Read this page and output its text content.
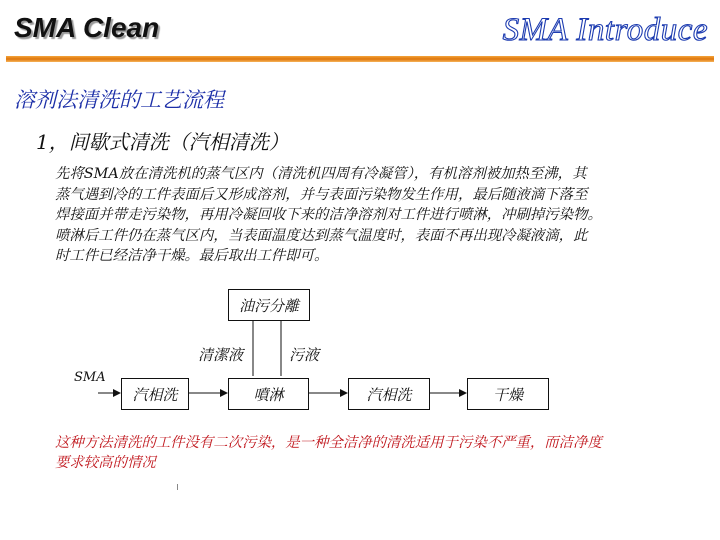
SMA Clean	SMA Introduce
溶剂法清洗的工艺流程
1，间歇式清洗（汽相清洗）
先将SMA放在清洗机的蒸气区内（清洗机四周有冷凝管），有机溶剂被加热至沸，其
蒸气遇到冷的工件表面后又形成溶剂，并与表面污染物发生作用，最后随液滴下落至
焊接面并带走污染物，再用冷凝回收下来的洁净溶剂对工件进行喷淋，冲刷掉污染物。
喷淋后工件仍在蒸气区内，当表面温度达到蒸气温度时，表面不再出现冷凝液滴，此
时工件已经洁净干燥。最后取出工件即可。
油污分離
清潔液	污液
SMA
汽相洗	噴淋	汽相洗	干燥
这种方法清洗的工件没有二次污染，是一种全洁净的清洗适用于污染不严重，而洁净度
要求较高的情况
